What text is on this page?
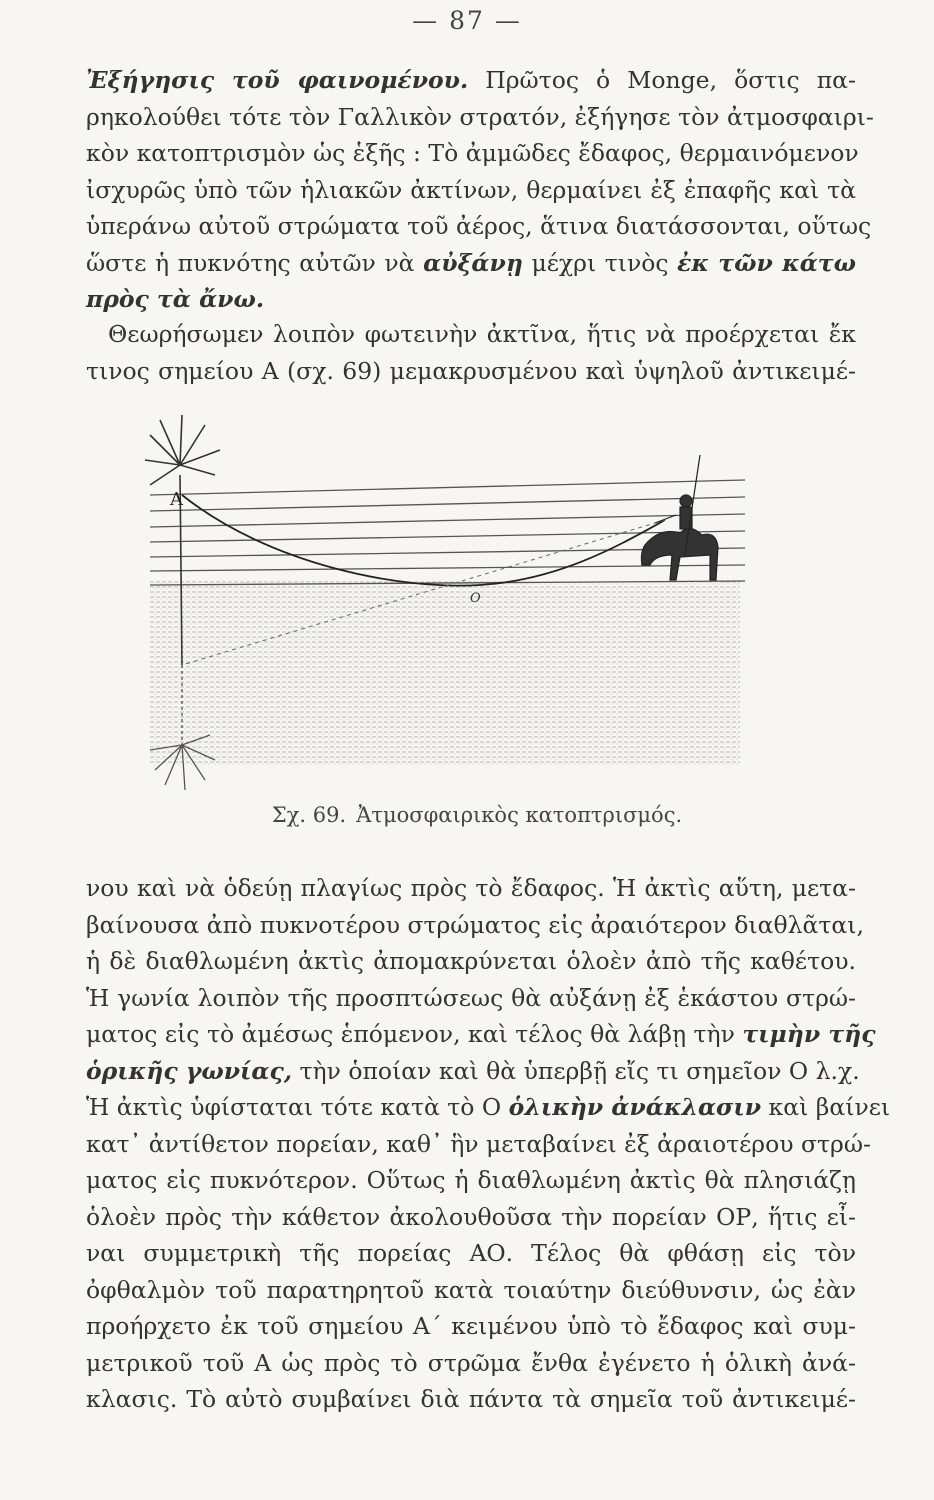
— 87 —
Ἐξήγησις τοῦ φαινομένου. Πρῶτος ὁ Monge, ὅστις πα-
ρηκολούθει τότε τὸν Γαλλικὸν στρατόν, ἐξήγησε τὸν ἀτμοσφαιρι-
κὸν κατοπτρισμὸν ὡς ἑξῆς : Τὸ ἀμμῶδες ἔδαφος, θερμαινόμενον
ἰσχυρῶς ὑπὸ τῶν ἡλιακῶν ἀκτίνων, θερμαίνει ἐξ ἐπαφῆς καὶ τὰ
ὑπεράνω αὐτοῦ στρώματα τοῦ ἀέρος, ἅτινα διατάσσονται, οὕτως
ὥστε ἡ πυκνότης αὐτῶν νὰ αὐξάνῃ μέχρι τινὸς ἐκ τῶν κάτω
πρὸς τὰ ἄνω.
Θεωρήσωμεν λοιπὸν φωτεινὴν ἀκτῖνα, ἥτις νὰ προέρχεται ἔκ
τινος σημείου Α (σχ. 69) μεμακρυσμένου καὶ ὑψηλοῦ ἀντικειμέ-
Α
O
Σχ. 69. Ἀτμοσφαιρικὸς κατοπτρισμός.
νου καὶ νὰ ὁδεύῃ πλαγίως πρὸς τὸ ἔδαφος. Ἡ ἀκτὶς αὕτη, μετα-
βαίνουσα ἀπὸ πυκνοτέρου στρώματος εἰς ἀραιότερον διαθλᾶται,
ἡ δὲ διαθλωμένη ἀκτὶς ἀπομακρύνεται ὁλοὲν ἀπὸ τῆς καθέτου.
Ἡ γωνία λοιπὸν τῆς προσπτώσεως θὰ αὐξάνῃ ἐξ ἑκάστου στρώ-
ματος εἰς τὸ ἀμέσως ἑπόμενον, καὶ τέλος θὰ λάβῃ τὴν τιμὴν τῆς
ὁρικῆς γωνίας, τὴν ὁποίαν καὶ θὰ ὑπερβῇ εἴς τι σημεῖον Ο λ.χ.
Ἡ ἀκτὶς ὑφίσταται τότε κατὰ τὸ Ο ὁλικὴν ἀνάκλασιν καὶ βαίνει
κατ᾽ ἀντίθετον πορείαν, καθ᾽ ἣν μεταβαίνει ἐξ ἀραιοτέρου στρώ-
ματος εἰς πυκνότερον. Οὕτως ἡ διαθλωμένη ἀκτὶς θὰ πλησιάζῃ
ὁλοὲν πρὸς τὴν κάθετον ἀκολουθοῦσα τὴν πορείαν ΟΡ, ἥτις εἶ-
ναι συμμετρικὴ τῆς πορείας ΑΟ. Τέλος θὰ φθάσῃ εἰς τὸν
ὀφθαλμὸν τοῦ παρατηρητοῦ κατὰ τοιαύτην διεύθυνσιν, ὡς ἐὰν
προήρχετο ἐκ τοῦ σημείου Α΄ κειμένου ὑπὸ τὸ ἔδαφος καὶ συμ-
μετρικοῦ τοῦ Α ὡς πρὸς τὸ στρῶμα ἔνθα ἐγένετο ἡ ὁλικὴ ἀνά-
κλασις. Τὸ αὐτὸ συμβαίνει διὰ πάντα τὰ σημεῖα τοῦ ἀντικειμέ-
